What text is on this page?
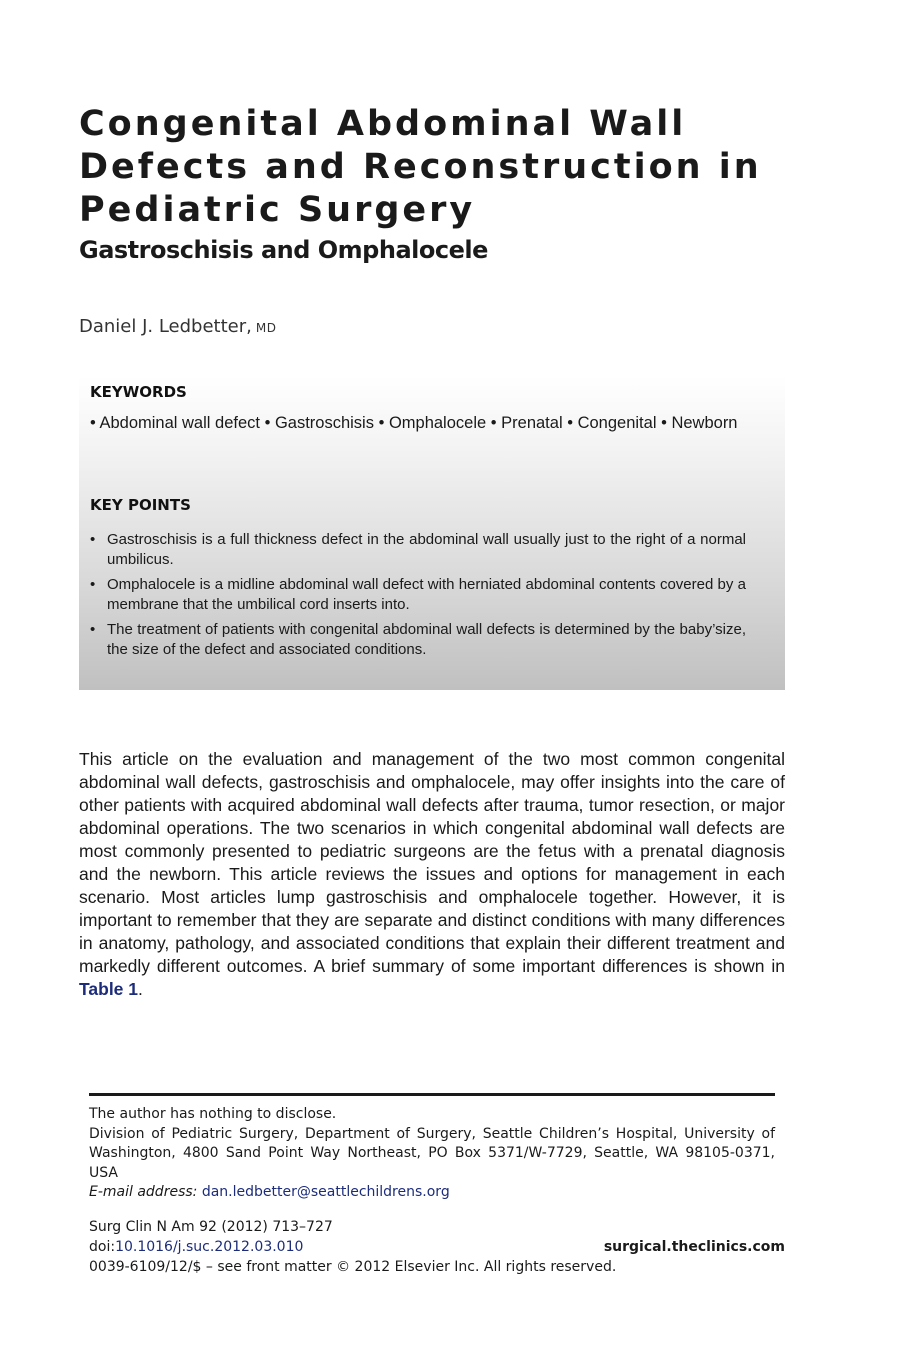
Congenital Abdominal Wall
Defects and Reconstruction in
Pediatric Surgery
Gastroschisis and Omphalocele
Daniel J. Ledbetter, MD
KEYWORDS
• Abdominal wall defect • Gastroschisis • Omphalocele • Prenatal • Congenital • Newborn
KEY POINTS
• Gastroschisis is a full thickness defect in the abdominal wall usually just to the right of a normal umbilicus.
• Omphalocele is a midline abdominal wall defect with herniated abdominal contents covered by a membrane that the umbilical cord inserts into.
• The treatment of patients with congenital abdominal wall defects is determined by the baby’size, the size of the defect and associated conditions.
This article on the evaluation and management of the two most common congenital abdominal wall defects, gastroschisis and omphalocele, may offer insights into the care of other patients with acquired abdominal wall defects after trauma, tumor resection, or major abdominal operations. The two scenarios in which congenital abdominal wall defects are most commonly presented to pediatric surgeons are the fetus with a prenatal diagnosis and the newborn. This article reviews the issues and options for management in each scenario. Most articles lump gastroschisis and omphalocele together. However, it is important to remember that they are separate and distinct conditions with many differences in anatomy, pathology, and associated conditions that explain their different treatment and markedly different outcomes. A brief summary of some important differences is shown in Table 1.

The author has nothing to disclose.

Division of Pediatric Surgery, Department of Surgery, Seattle Children’s Hospital, University of Washington, 4800 Sand Point Way Northeast, PO Box 5371/W-7729, Seattle, WA 98105-0371, USA

E-mail address: dan.ledbetter@seattlechildrens.org

Surg Clin N Am 92 (2012) 713–727
doi:10.1016/j.suc.2012.03.010	surgical.theclinics.com
0039-6109/12/$ – see front matter © 2012 Elsevier Inc. All rights reserved.
